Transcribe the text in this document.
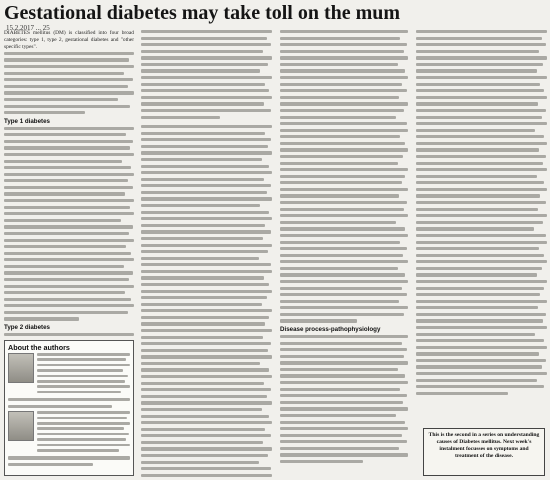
Gestational diabetes may take toll on the mum
15.2.2017 ... 25

DIABETES mellitus (DM) is classified into four broad categories: type 1, type 2, gestational diabetes and "other specific types".

Type 1 diabetes
Type 2 diabetes
About the authors
Disease process-pathophysiology
This is the second in a series on understanding causes of Diabetes mellitus. Next week's instalment focusses on symptoms and treatment of the disease.
